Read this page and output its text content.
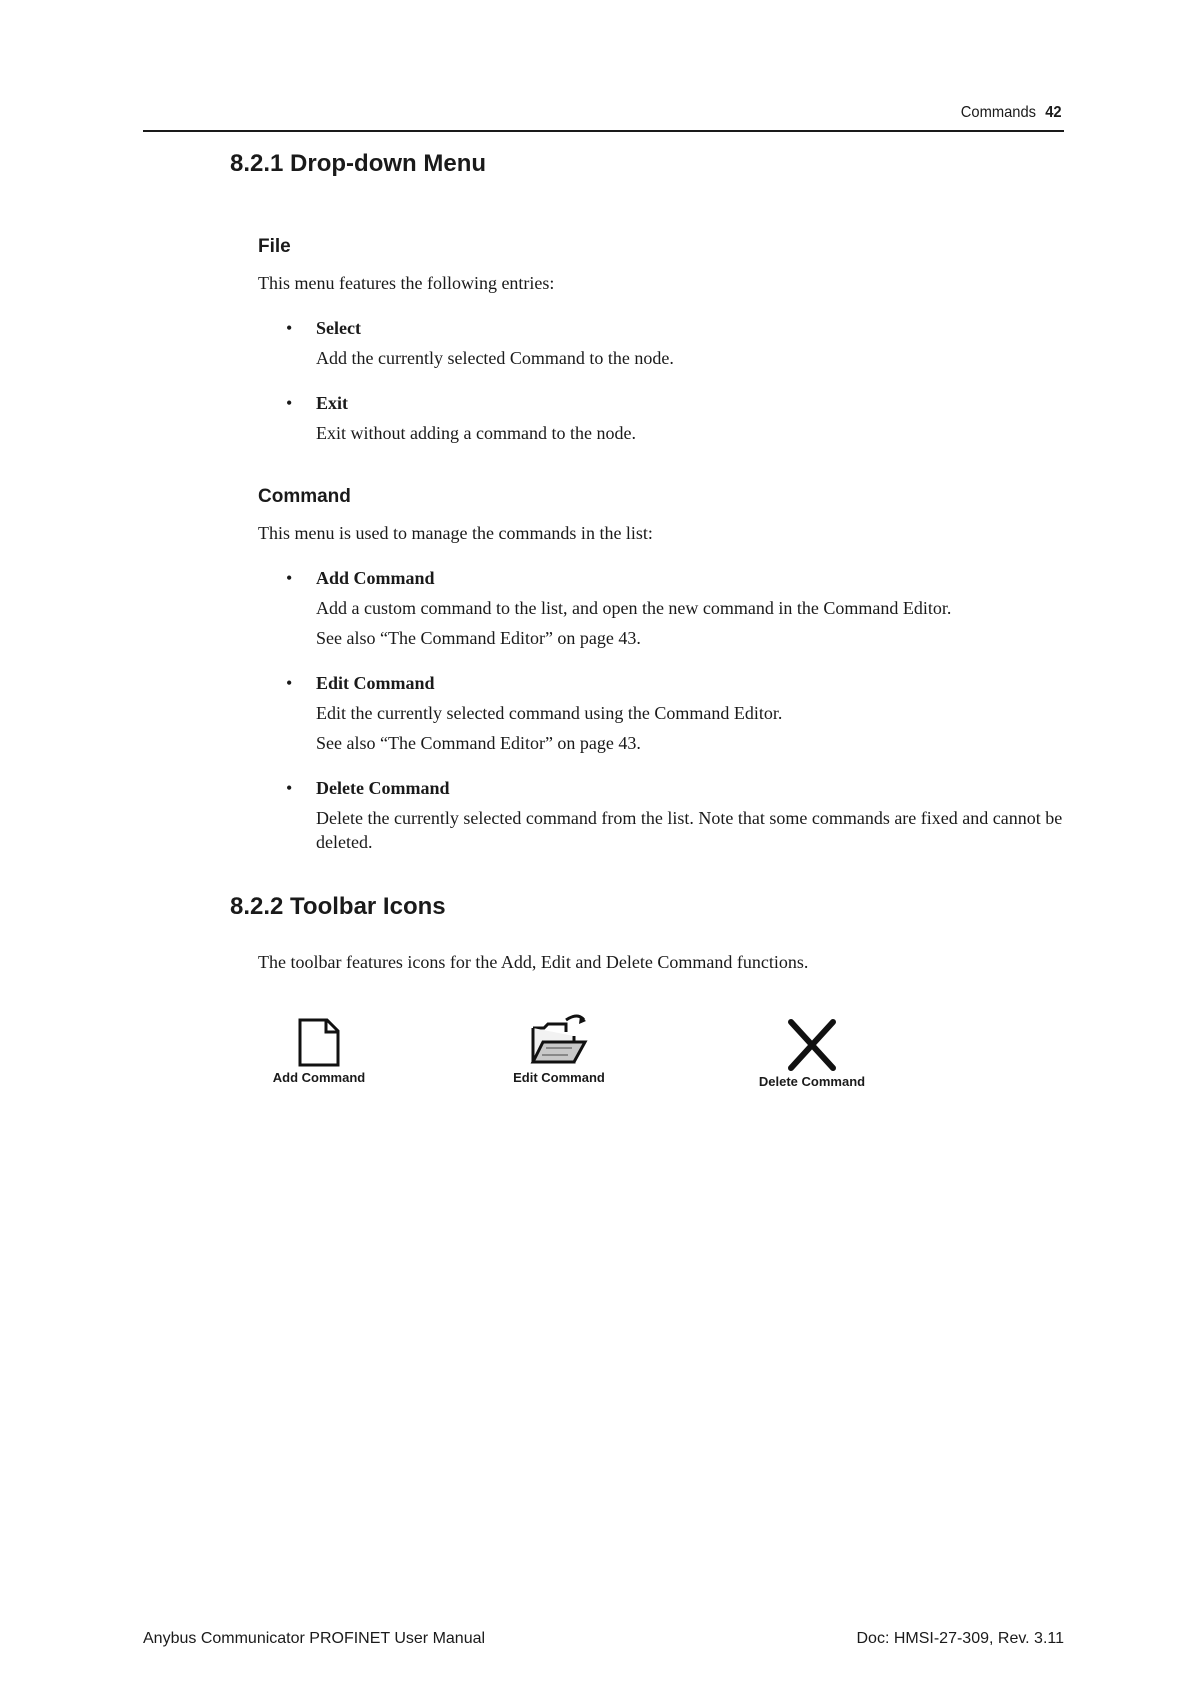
Commands 42
8.2.1 Drop-down Menu
File

This menu features the following entries:

• Select
Add the currently selected Command to the node.
• Exit
Exit without adding a command to the node.
Command

This menu is used to manage the commands in the list:

• Add Command
Add a custom command to the list, and open the new command in the Command Editor.
See also “The Command Editor” on page 43.
• Edit Command
Edit the currently selected command using the Command Editor.
See also “The Command Editor” on page 43.
• Delete Command
Delete the currently selected command from the list. Note that some commands are fixed and cannot be deleted.
8.2.2 Toolbar Icons

The toolbar features icons for the Add, Edit and Delete Command functions.

Add Command	Edit Command	Delete Command
Anybus Communicator PROFINET User Manual	Doc: HMSI-27-309, Rev. 3.11
